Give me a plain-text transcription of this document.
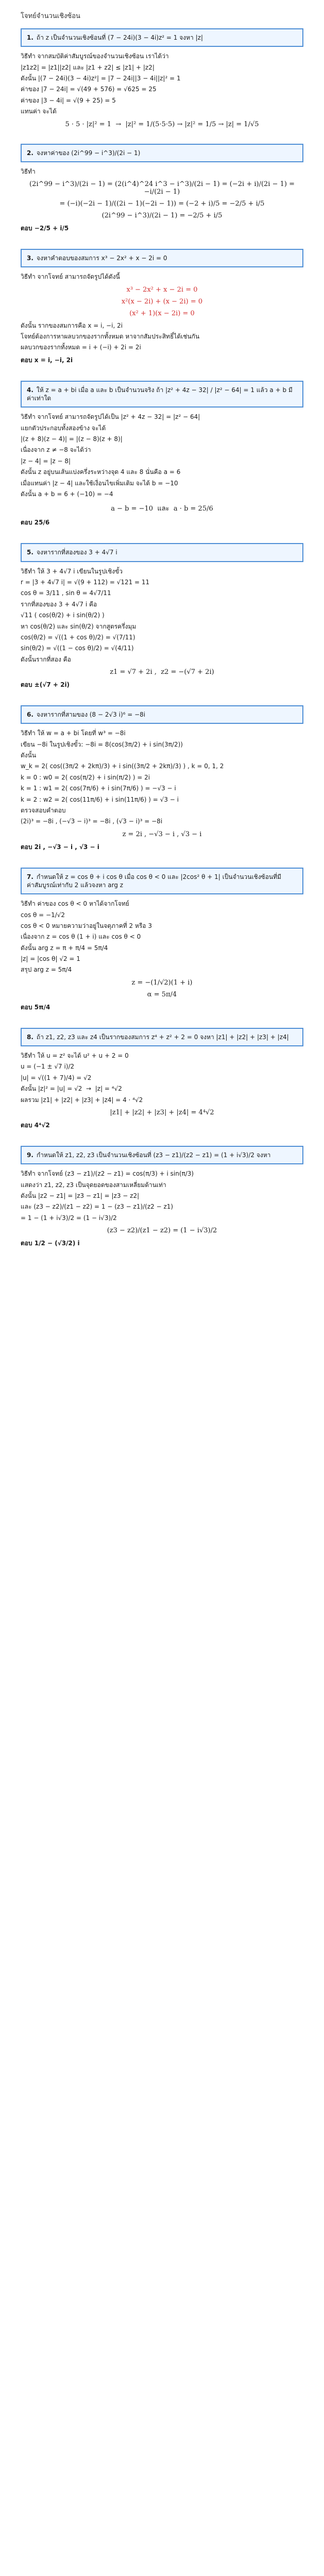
โจทย์จำนวนเชิงซ้อน
1. ถ้า z เป็นจำนวนเชิงซ้อนที่ (7 − 24i)(3 − 4i)z² = 1 จงหา |z|
วิธีทำ จากสมบัติค่าสัมบูรณ์ของจำนวนเชิงซ้อน เราได้ว่า
|z1z2| = |z1||z2| และ |z1 + z2| ≤ |z1| + |z2|
ดังนั้น |(7 − 24i)(3 − 4i)z²| = |7 − 24i||3 − 4i||z|² = 1
ค่าของ |7 − 24i| = √(49 + 576) = √625 = 25
ค่าของ |3 − 4i| = √(9 + 25) = 5
แทนค่า จะได้
5 · 5 · |z|² = 1  →  |z|² = 1/(5·5·5) → |z|² = 1/5 → |z| = 1/√5
2. จงหาค่าของ (2i^99 − i^3)/(2i − 1)
วิธีทำ
(2i^99 − i^3)/(2i − 1) = (2(i^4)^24 i^3 − i^3)/(2i − 1) = (−2i + i)/(2i − 1) = −i/(2i − 1)
= (−i)(−2i − 1)/((2i − 1)(−2i − 1)) = (−2 + i)/5 = −2/5 + i/5
(2i^99 − i^3)/(2i − 1) = −2/5 + i/5
ตอบ −2/5 + i/5
3. จงหาคำตอบของสมการ x³ − 2x² + x − 2i = 0
วิธีทำ จากโจทย์ สามารถจัดรูปได้ดังนี้
x³ − 2x² + x − 2i = 0
x²(x − 2i) + (x − 2i) = 0
(x² + 1)(x − 2i) = 0
ดังนั้น รากของสมการคือ x = i, −i, 2i
โจทย์ต้องการหาผลบวกของรากทั้งหมด หาจากสัมประสิทธิ์ได้เช่นกัน
ผลบวกของรากทั้งหมด = i + (−i) + 2i = 2i
ตอบ x = i, −i, 2i
4. ให้ z = a + bi เมื่อ a และ b เป็นจำนวนจริง ถ้า |z² + 4z − 32| / |z² − 64| = 1 แล้ว a + b มีค่าเท่าใด
วิธีทำ จากโจทย์ สามารถจัดรูปได้เป็น |z² + 4z − 32| = |z² − 64|
แยกตัวประกอบทั้งสองข้าง จะได้
|(z + 8)(z − 4)| = |(z − 8)(z + 8)|
เนื่องจาก z ≠ −8 จะได้ว่า
|z − 4| = |z − 8|
ดังนั้น z อยู่บนเส้นแบ่งครึ่งระหว่างจุด 4 และ 8 นั่นคือ a = 6
เมื่อแทนค่า |z − 4| และใช้เงื่อนไขเพิ่มเติม จะได้ b = −10
ดังนั้น a + b = 6 + (−10) = −4
a − b = −10  และ  a · b = 25/6
ตอบ 25/6
5. จงหารากที่สองของ 3 + 4√7 i
วิธีทำ ให้ 3 + 4√7 i เขียนในรูปเชิงขั้ว
r = |3 + 4√7 i| = √(9 + 112) = √121 = 11
cos θ = 3/11 , sin θ = 4√7/11
รากที่สองของ 3 + 4√7 i คือ
√11 ( cos(θ/2) + i sin(θ/2) )
หา cos(θ/2) และ sin(θ/2) จากสูตรครึ่งมุม
cos(θ/2) = √((1 + cos θ)/2) = √(7/11)
sin(θ/2) = √((1 − cos θ)/2) = √(4/11)
ดังนั้นรากที่สอง คือ
z1 = √7 + 2i ,  z2 = −(√7 + 2i)
ตอบ ±(√7 + 2i)
6. จงหารากที่สามของ (8 − 2√3 i)⁶ = −8i
วิธีทำ ให้ w = a + bi โดยที่ w³ = −8i
เขียน −8i ในรูปเชิงขั้ว: −8i = 8(cos(3π/2) + i sin(3π/2))
ดังนั้น
w_k = 2( cos((3π/2 + 2kπ)/3) + i sin((3π/2 + 2kπ)/3) ) , k = 0, 1, 2
k = 0 : w0 = 2( cos(π/2) + i sin(π/2) ) = 2i
k = 1 : w1 = 2( cos(7π/6) + i sin(7π/6) ) = −√3 − i
k = 2 : w2 = 2( cos(11π/6) + i sin(11π/6) ) = √3 − i
ตรวจสอบคำตอบ
(2i)³ = −8i , (−√3 − i)³ = −8i , (√3 − i)³ = −8i
z = 2i , −√3 − i , √3 − i
ตอบ 2i , −√3 − i , √3 − i
7. กำหนดให้ z = cos θ + i cos θ เมื่อ cos θ < 0 และ |2cos² θ + 1| เป็นจำนวนเชิงซ้อนที่มีค่าสัมบูรณ์เท่ากับ 2 แล้วจงหา arg z
วิธีทำ ค่าของ cos θ < 0 หาได้จากโจทย์
cos θ = −1/√2
cos θ < 0 หมายความว่าอยู่ในจตุภาคที่ 2 หรือ 3
เนื่องจาก z = cos θ (1 + i) และ cos θ < 0
ดังนั้น arg z = π + π/4 = 5π/4
|z| = |cos θ| √2 = 1
สรุป arg z = 5π/4
z = −(1/√2)(1 + i)
α = 5π/4
ตอบ 5π/4
8. ถ้า z1, z2, z3 และ z4 เป็นรากของสมการ z⁴ + z² + 2 = 0 จงหา |z1| + |z2| + |z3| + |z4|
วิธีทำ ให้ u = z² จะได้ u² + u + 2 = 0
u = (−1 ± √7 i)/2
|u| = √((1 + 7)/4) = √2
ดังนั้น |z|² = |u| = √2  →  |z| = ⁴√2
ผลรวม |z1| + |z2| + |z3| + |z4| = 4 · ⁴√2
|z1| + |z2| + |z3| + |z4| = 4⁴√2
ตอบ 4⁴√2
9. กำหนดให้ z1, z2, z3 เป็นจำนวนเชิงซ้อนที่ (z3 − z1)/(z2 − z1) = (1 + i√3)/2 จงหา
วิธีทำ จากโจทย์ (z3 − z1)/(z2 − z1) = cos(π/3) + i sin(π/3)
แสดงว่า z1, z2, z3 เป็นจุดยอดของสามเหลี่ยมด้านเท่า
ดังนั้น |z2 − z1| = |z3 − z1| = |z3 − z2|
และ (z3 − z2)/(z1 − z2) = 1 − (z3 − z1)/(z2 − z1)
= 1 − (1 + i√3)/2 = (1 − i√3)/2
(z3 − z2)/(z1 − z2) = (1 − i√3)/2
ตอบ 1/2 − (√3/2) i
